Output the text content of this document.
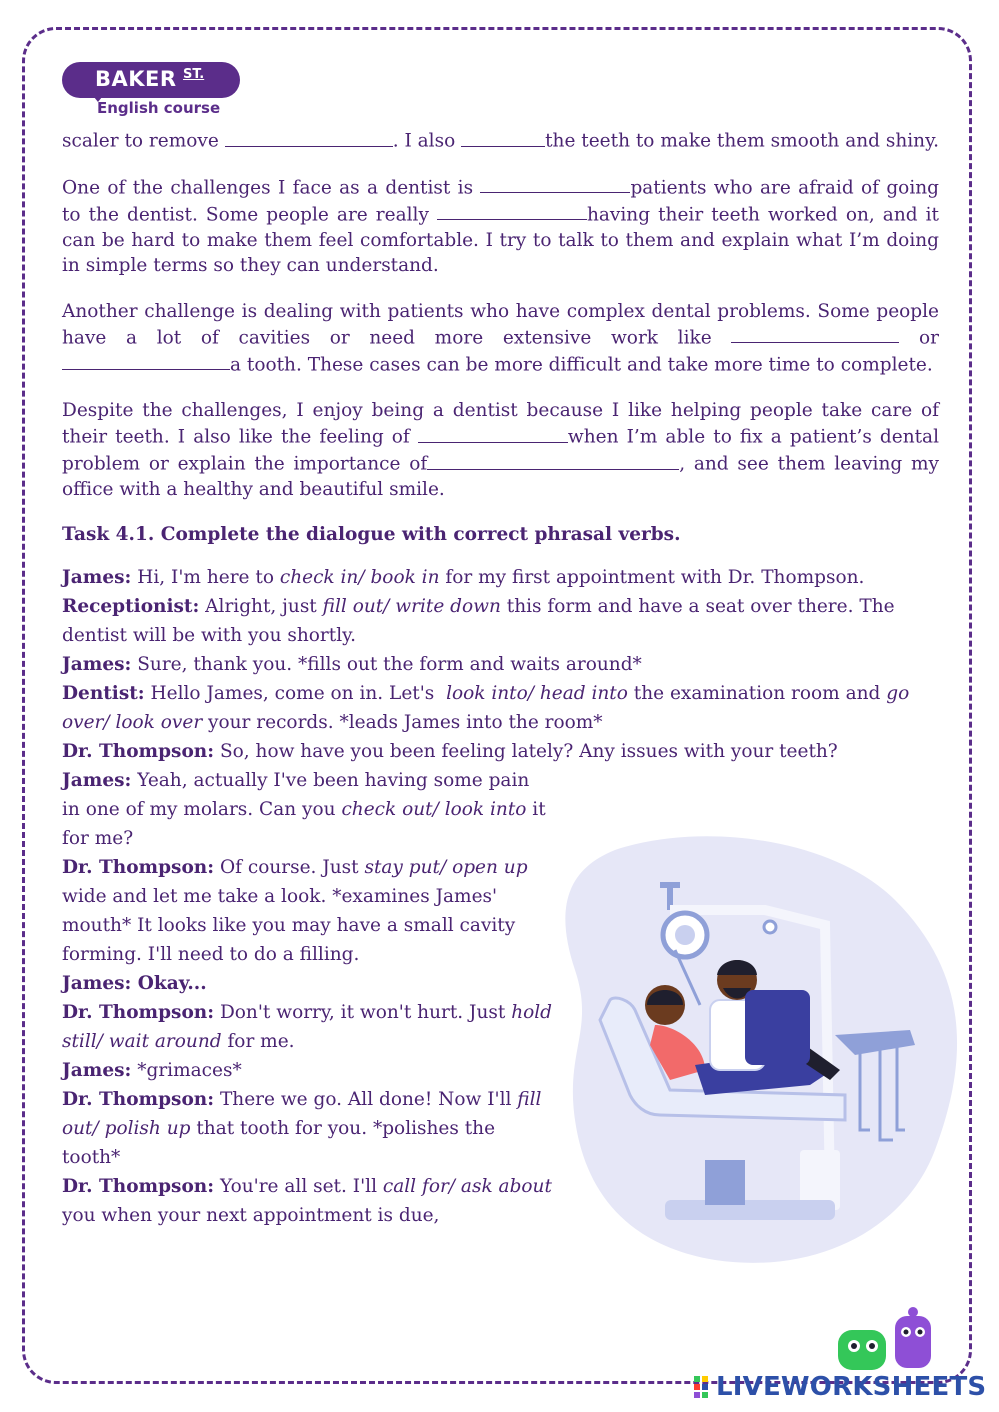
BAKER ST.
English course

scaler to remove	. I also	the teeth to make them smooth and shiny.

One of the challenges I face as a dentist is	patients who are afraid of going to the dentist. Some people are really	having their teeth worked on, and it can be hard to make them feel comfortable. I try to talk to them and explain what I’m doing in simple terms so they can understand.

Another challenge is dealing with patients who have complex dental problems. Some people have a lot of cavities or need more extensive work like	or a tooth. These cases can be more difficult and take more time to complete.

Despite the challenges, I enjoy being a dentist because I like helping people take care of their teeth. I also like the feeling of	when I’m able to fix a patient’s dental problem or explain the importance of	, and see them leaving my office with a healthy and beautiful smile.

Task 4.1. Complete the dialogue with correct phrasal verbs.
James: Hi, I'm here to check in/ book in for my first appointment with Dr. Thompson.
Receptionist: Alright, just fill out/ write down this form and have a seat over there. The dentist will be with you shortly.
James: Sure, thank you. *fills out the form and waits around*
Dentist: Hello James, come on in. Let's  look into/ head into the examination room and go over/ look over your records. *leads James into the room*
Dr. Thompson: So, how have you been feeling lately? Any issues with your teeth?
James: Yeah, actually I've been having some pain in one of my molars. Can you check out/ look into it for me?
Dr. Thompson: Of course. Just stay put/ open up wide and let me take a look. *examines James' mouth* It looks like you may have a small cavity forming. I'll need to do a filling.
James: Okay...
Dr. Thompson: Don't worry, it won't hurt. Just hold still/ wait around for me.
James: *grimaces*
Dr. Thompson: There we go. All done! Now I'll fill out/ polish up that tooth for you. *polishes the tooth*
Dr. Thompson: You're all set. I'll call for/ ask about you when your next appointment is due,
LIVEWORKSHEETS
